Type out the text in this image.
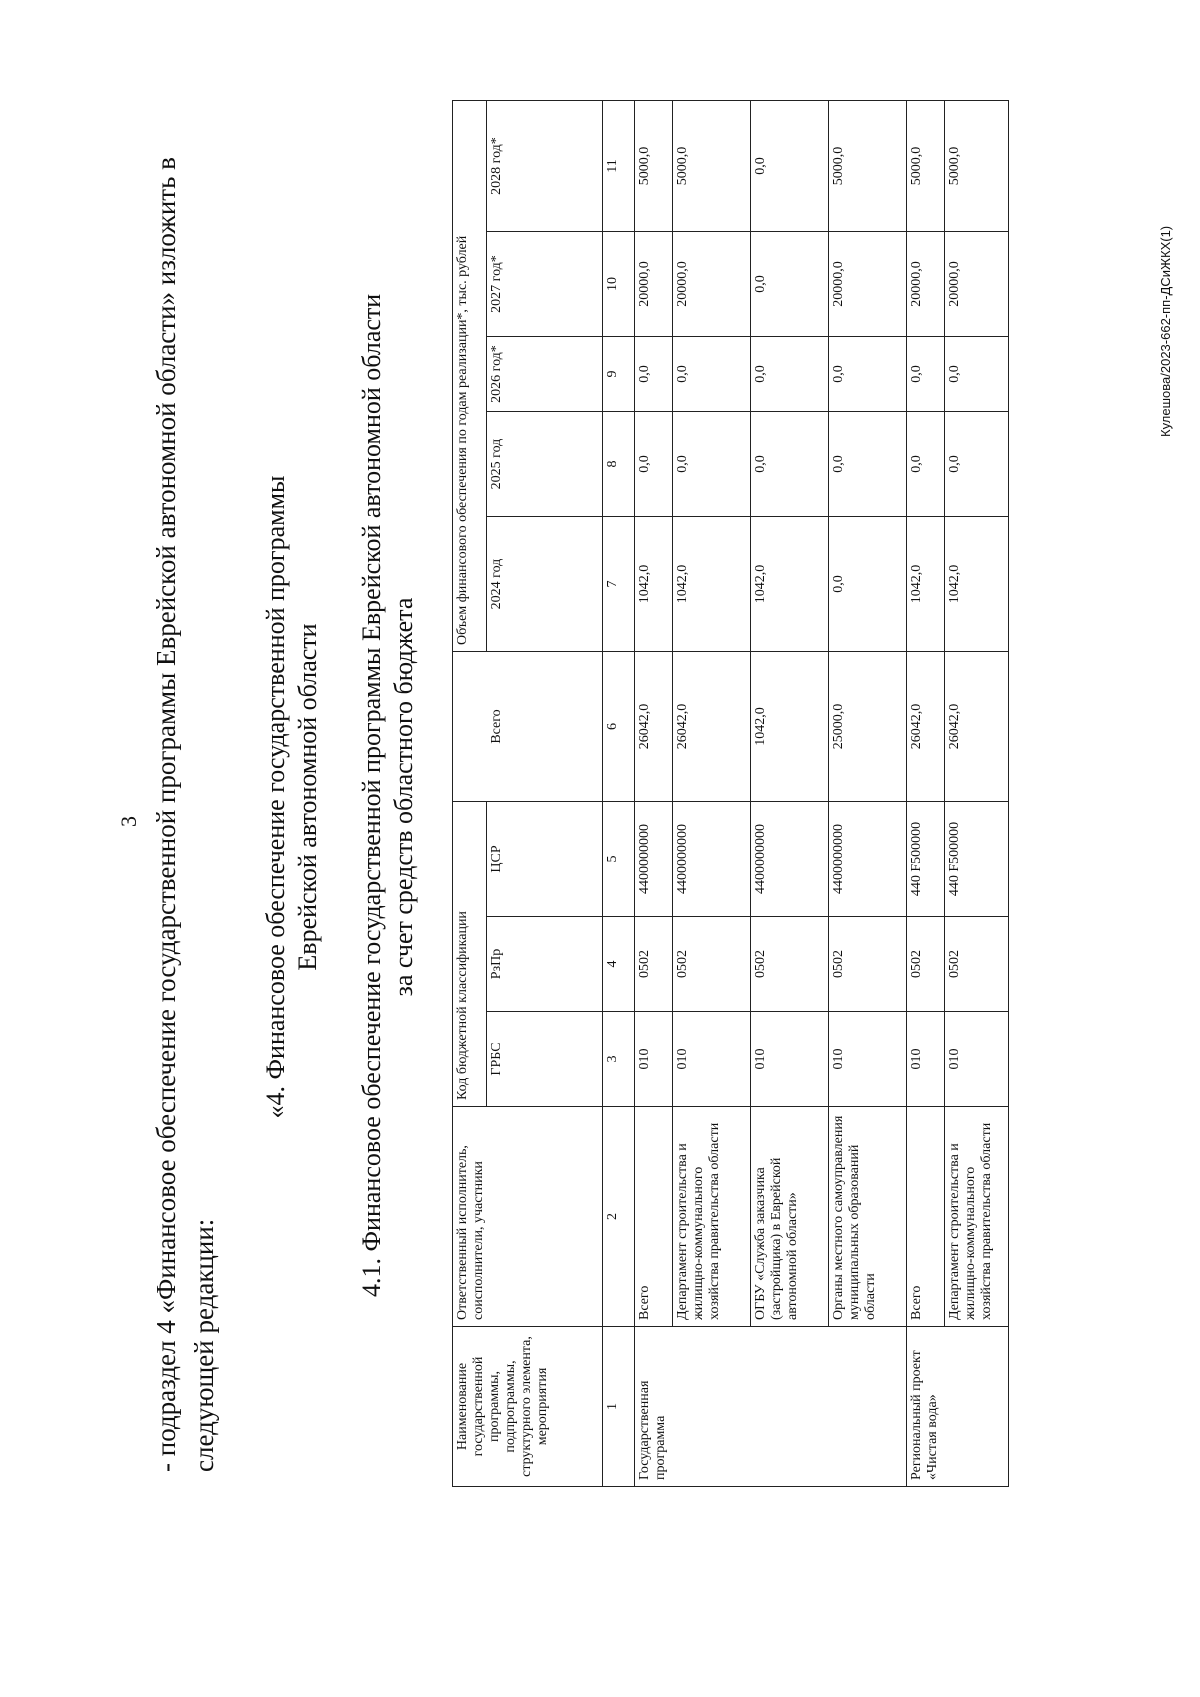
3 - подраздел 4 «Финансовое обеспечение государственной программы Еврейской автономной области» изложить в следующей редакции:
«4. Финансовое обеспечение государственной программы Еврейской автономной области 4.1. Финансовое обеспечение государственной программы Еврейской автономной области за счет средств областного бюджета
Наименование государственной программы, подпрограммы, структурного элемента, мероприятия	Ответственный исполнитель, соисполнители, участники	Код бюджетной классификации				Объем финансового обеспечения по годам реализации*, тыс. рублей				
		ГРБС	РзПр	ЦСР	Всего	2024 год	2025 год	2026 год*	2027 год*	2028 год*
1	2	3	4	5	6	7	8	9	10	11
Государственная программа	Всего	010	0502	4400000000	26042,0	1042,0	0,0	0,0	20000,0	5000,0
	Департамент строительства и жилищно-коммунального хозяйства правительства области	010	0502	4400000000	26042,0	1042,0	0,0	0,0	20000,0	5000,0
	ОГБУ «Служба заказчика (застройщика) в Еврейской автономной области»	010	0502	4400000000	1042,0	1042,0	0,0	0,0	0,0	0,0
	Органы местного самоуправления муниципальных образований области	010	0502	4400000000	25000,0	0,0	0,0	0,0	20000,0	5000,0
Региональный проект «Чистая вода»	Всего	010	0502	440 F500000	26042,0	1042,0	0,0	0,0	20000,0	5000,0
	Департамент строительства и жилищно-коммунального хозяйства правительства области	010	0502	440 F500000	26042,0	1042,0	0,0	0,0	20000,0	5000,0
Кулешова/2023-662-пп-ДСиЖКХ(1)
